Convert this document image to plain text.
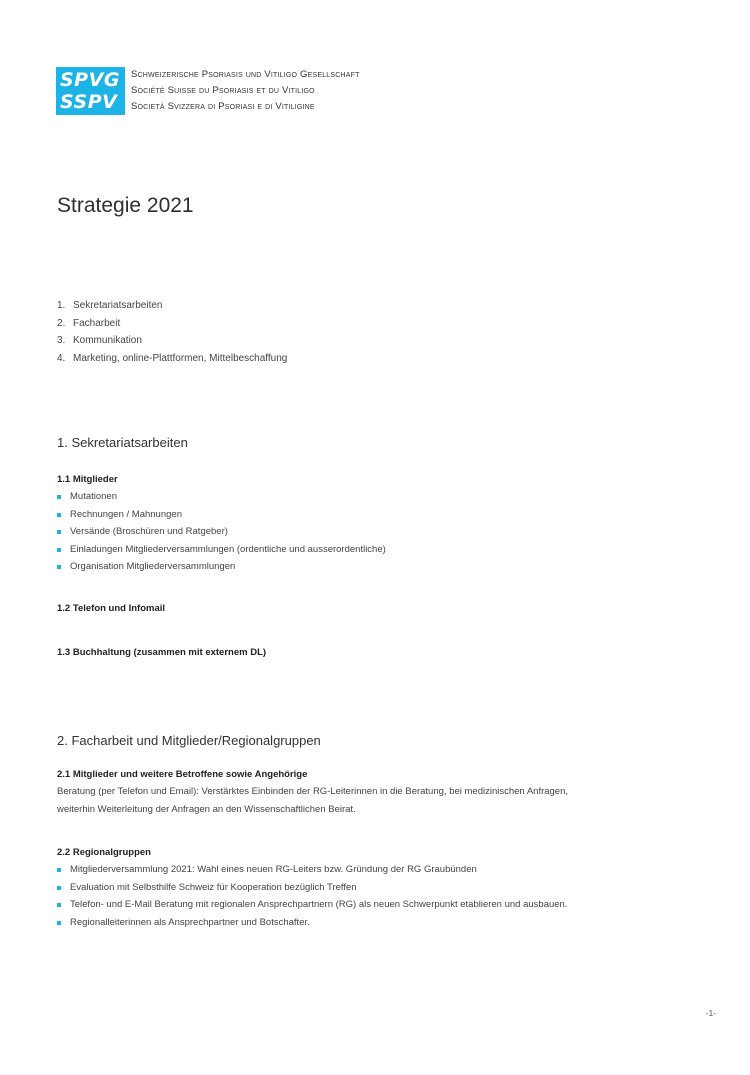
SPVG
SSPV
Schweizerische Psoriasis und Vitiligo Gesellschaft
Société Suisse du Psoriasis et du Vitiligo
Società Svizzera di Psoriasi e di Vitiligine
Strategie 2021
1. Sekretariatsarbeiten
2. Facharbeit
3. Kommunikation
4. Marketing, online-Plattformen, Mittelbeschaffung
1. Sekretariatsarbeiten
1.1 Mitglieder
Mutationen
Rechnungen / Mahnungen
Versände (Broschüren und Ratgeber)
Einladungen Mitgliederversammlungen (ordentliche und ausserordentliche)
Organisation Mitgliederversammlungen
1.2 Telefon und Infomail
1.3 Buchhaltung (zusammen mit externem DL)
2. Facharbeit und Mitglieder/Regionalgruppen
2.1 Mitglieder und weitere Betroffene sowie Angehörige

Beratung (per Telefon und Email): Verstärktes Einbinden der RG-Leiterinnen in die Beratung, bei medizinischen Anfragen,
weiterhin Weiterleitung der Anfragen an den Wissenschaftlichen Beirat.

2.2 Regionalgruppen
Mitgliederversammlung 2021: Wahl eines neuen RG-Leiters bzw. Gründung der RG Graubünden
Evaluation mit Selbsthilfe Schweiz für Kooperation bezüglich Treffen
Telefon- und E-Mail Beratung mit regionalen Ansprechpartnern (RG) als neuen Schwerpunkt etablieren und ausbauen.
Regionalleiterinnen als Ansprechpartner und Botschafter.
-1-
